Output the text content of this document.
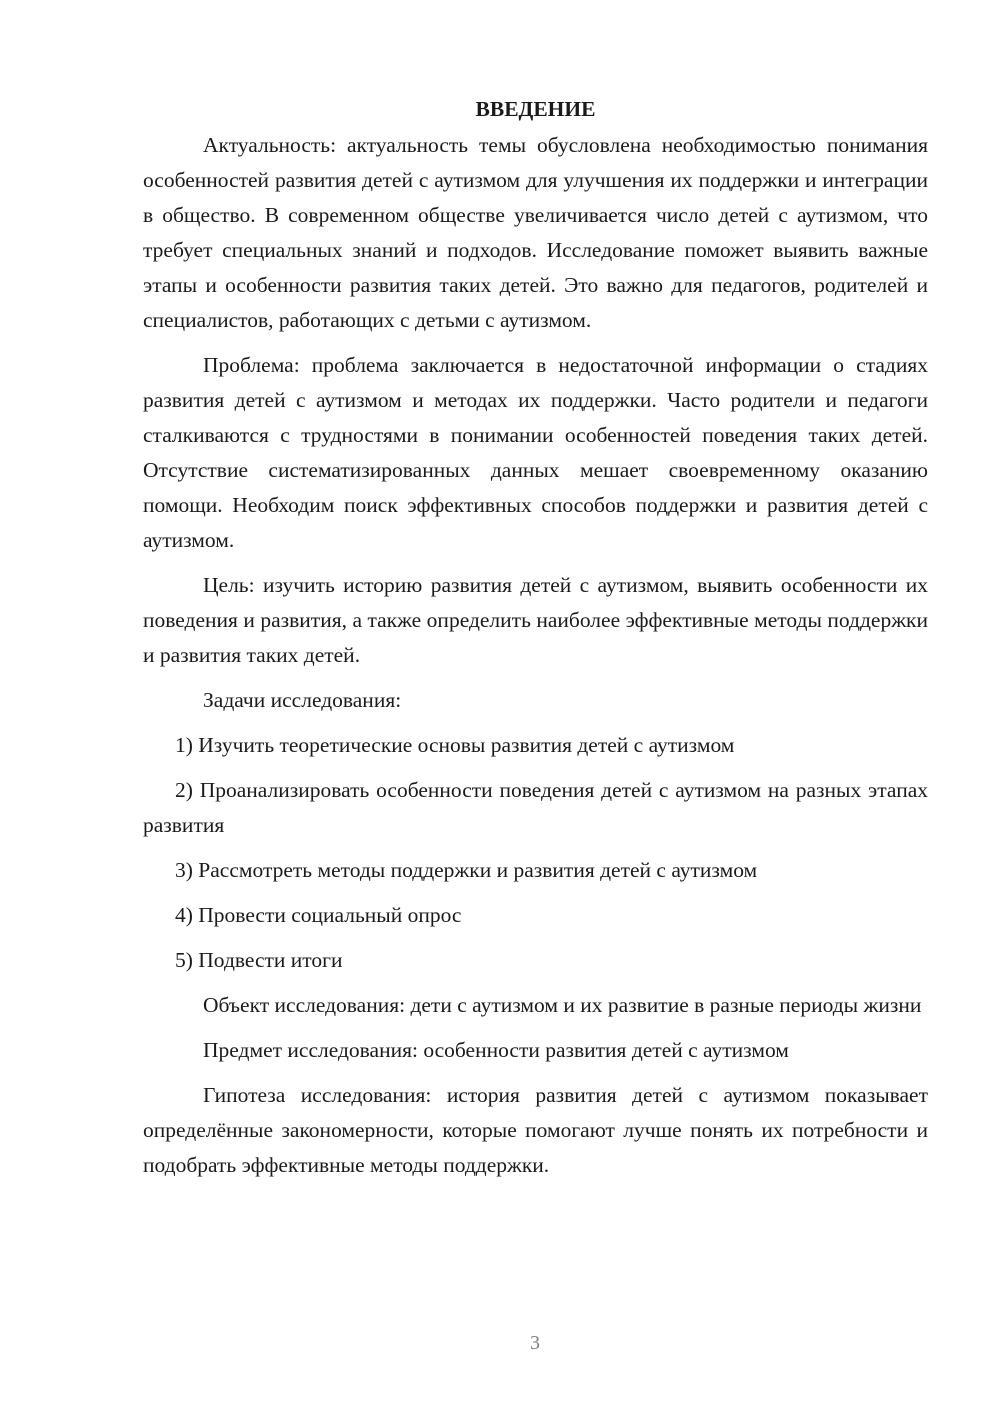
ВВЕДЕНИЕ

Актуальность: актуальность темы обусловлена необходимостью понимания особенностей развития детей с аутизмом для улучшения их поддержки и интеграции в общество. В современном обществе увеличивается число детей с аутизмом, что требует специальных знаний и подходов. Исследование поможет выявить важные этапы и особенности развития таких детей. Это важно для педагогов, родителей и специалистов, работающих с детьми с аутизмом.

Проблема: проблема заключается в недостаточной информации о стадиях развития детей с аутизмом и методах их поддержки. Часто родители и педагоги сталкиваются с трудностями в понимании особенностей поведения таких детей. Отсутствие систематизированных данных мешает своевременному оказанию помощи. Необходим поиск эффективных способов поддержки и развития детей с аутизмом.

Цель: изучить историю развития детей с аутизмом, выявить особенности их поведения и развития, а также определить наиболее эффективные методы поддержки и развития таких детей.

Задачи исследования:

1) Изучить теоретические основы развития детей с аутизмом

2) Проанализировать особенности поведения детей с аутизмом на разных этапах развития

3) Рассмотреть методы поддержки и развития детей с аутизмом

4) Провести социальный опрос

5) Подвести итоги

Объект исследования: дети с аутизмом и их развитие в разные периоды жизни

Предмет исследования: особенности развития детей с аутизмом

Гипотеза исследования: история развития детей с аутизмом показывает определённые закономерности, которые помогают лучше понять их потребности и подобрать эффективные методы поддержки.

3
